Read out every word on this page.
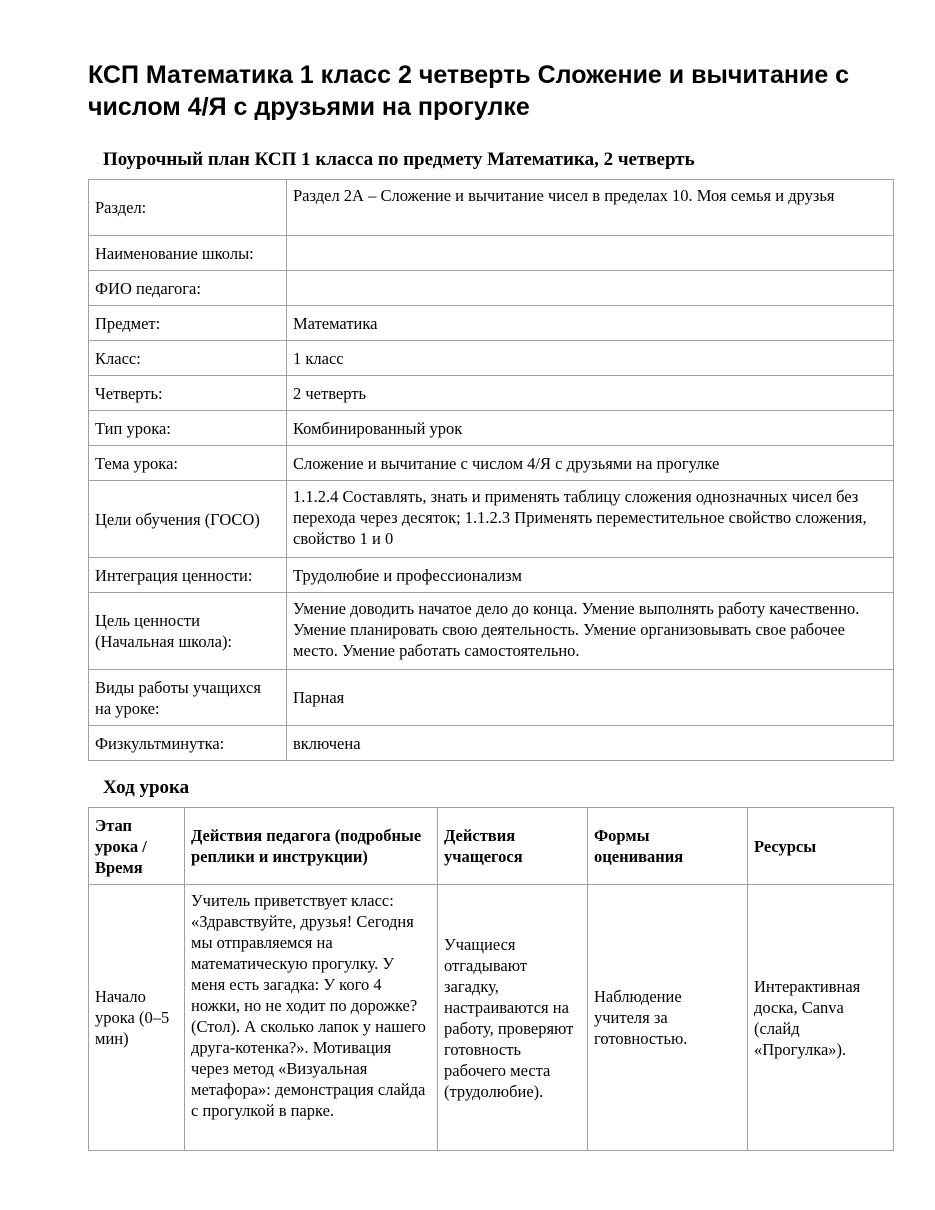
КСП Математика 1 класс 2 четверть Сложение и вычитание с числом 4/Я с друзьями на прогулке
Поурочный план КСП 1 класса по предмету Математика, 2 четверть
Раздел:	Раздел 2А – Сложение и вычитание чисел в пределах 10. Моя семья и друзья
Наименование школы:	
ФИО педагога:	
Предмет:	Математика
Класс:	1 класс
Четверть:	2 четверть
Тип урока:	Комбинированный урок
Тема урока:	Сложение и вычитание с числом 4/Я с друзьями на прогулке
Цели обучения (ГОСО)	1.1.2.4 Составлять, знать и применять таблицу сложения однозначных чисел без перехода через десяток; 1.1.2.3 Применять переместительное свойство сложения, свойство 1 и 0
Интеграция ценности:	Трудолюбие и профессионализм
Цель ценности (Начальная школа):	Умение доводить начатое дело до конца. Умение выполнять работу качественно. Умение планировать свою деятельность. Умение организовывать свое рабочее место. Умение работать самостоятельно.
Виды работы учащихся на уроке:	Парная
Физкультминутка:	включена
Ход урока
Этап урока / Время	Действия педагога (подробные реплики и инструкции)	Действия учащегося	Формы оценивания	Ресурсы
Начало урока (0–5 мин)	Учитель приветствует класс: «Здравствуйте, друзья! Сегодня мы отправляемся на математическую прогулку. У меня есть загадка: У кого 4 ножки, но не ходит по дорожке? (Стол). А сколько лапок у нашего друга-котенка?». Мотивация через метод «Визуальная метафора»: демонстрация слайда с прогулкой в парке.	Учащиеся отгадывают загадку, настраиваются на работу, проверяют готовность рабочего места (трудолюбие).	Наблюдение учителя за готовностью.	Интерактивная доска, Canva (слайд «Прогулка»).
